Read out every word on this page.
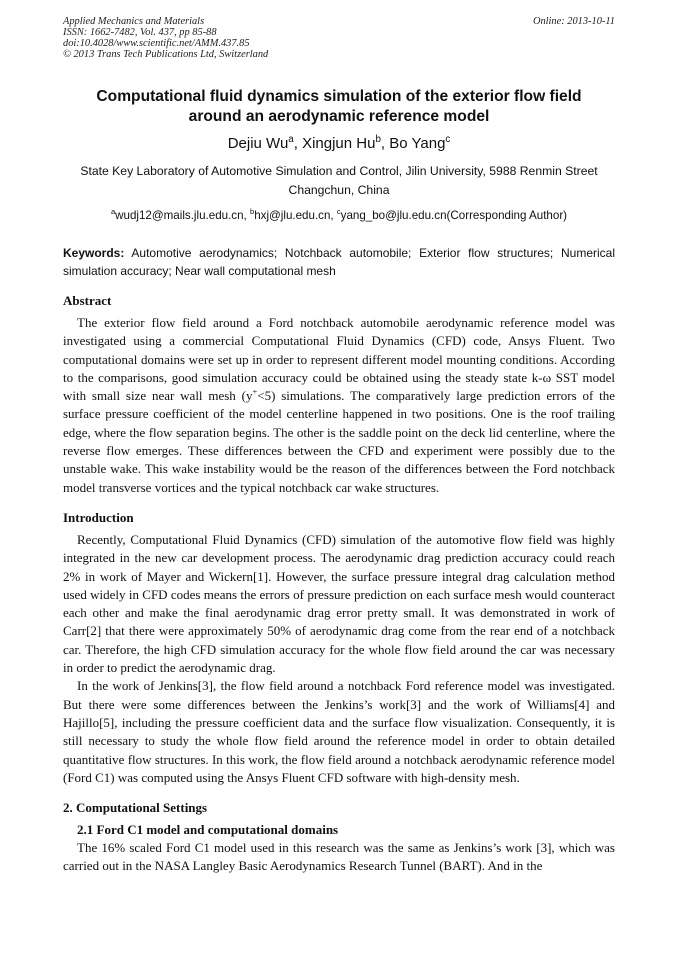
Applied Mechanics and Materials	Online: 2013-10-11
ISSN: 1662-7482, Vol. 437, pp 85-88
doi:10.4028/www.scientific.net/AMM.437.85
© 2013 Trans Tech Publications Ltd, Switzerland
Computational fluid dynamics simulation of the exterior flow field
around an aerodynamic reference model
Dejiu Wu$^a$, Xingjun Hu$^b$, Bo Yang$^c$
State Key Laboratory of Automotive Simulation and Control, Jilin University, 5988 Renmin Street Changchun, China
$^a$wudj12@mails.jlu.edu.cn, $^b$hxj@jlu.edu.cn, $^c$yang_bo@jlu.edu.cn(Corresponding Author)
Keywords: Automotive aerodynamics; Notchback automobile; Exterior flow structures; Numerical simulation accuracy; Near wall computational mesh
Abstract

The exterior flow field around a Ford notchback automobile aerodynamic reference model was investigated using a commercial Computational Fluid Dynamics (CFD) code, Ansys Fluent. Two computational domains were set up in order to represent different model mounting conditions. According to the comparisons, good simulation accuracy could be obtained using the steady state k-ω SST model with small size near wall mesh (y+<5) simulations. The comparatively large prediction errors of the surface pressure coefficient of the model centerline happened in two positions. One is the roof trailing edge, where the flow separation begins. The other is the saddle point on the deck lid centerline, where the reverse flow emerges. These differences between the CFD and experiment were possibly due to the unstable wake. This wake instability would be the reason of the differences between the Ford notchback model transverse vortices and the typical notchback car wake structures.

Introduction

Recently, Computational Fluid Dynamics (CFD) simulation of the automotive flow field was highly integrated in the new car development process. The aerodynamic drag prediction accuracy could reach 2% in work of Mayer and Wickern[1]. However, the surface pressure integral drag calculation method used widely in CFD codes means the errors of pressure prediction on each surface mesh would counteract each other and make the final aerodynamic drag error pretty small. It was demonstrated in work of Carr[2] that there were approximately 50% of aerodynamic drag come from the rear end of a notchback car. Therefore, the high CFD simulation accuracy for the whole flow field around the car was necessary in order to predict the aerodynamic drag.

In the work of Jenkins[3], the flow field around a notchback Ford reference model was investigated. But there were some differences between the Jenkins’s work[3] and the work of Williams[4] and Hajillo[5], including the pressure coefficient data and the surface flow visualization. Consequently, it is still necessary to study the whole flow field around the reference model in order to obtain detailed quantitative flow structures. In this work, the flow field around a notchback aerodynamic reference model (Ford C1) was computed using the Ansys Fluent CFD software with high-density mesh.

2. Computational Settings
2.1 Ford C1 model and computational domains

The 16% scaled Ford C1 model used in this research was the same as Jenkins’s work [3], which was carried out in the NASA Langley Basic Aerodynamics Research Tunnel (BART). And in the
